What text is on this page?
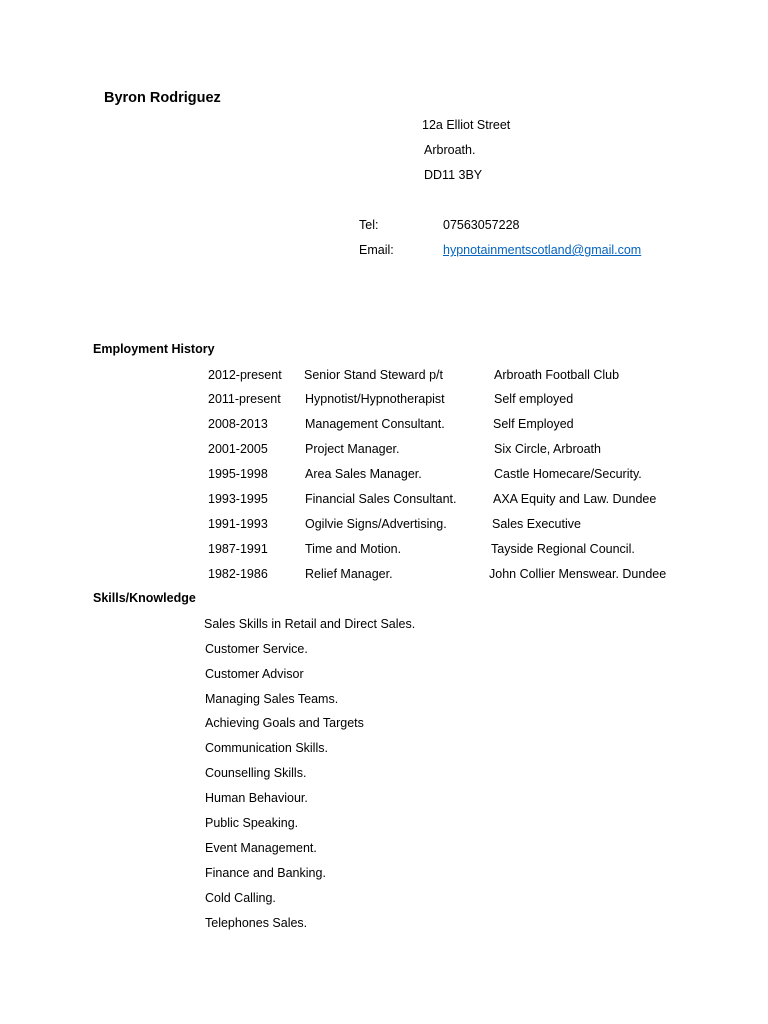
Byron Rodriguez
12a Elliot Street
Arbroath.
DD11 3BY
Tel:	07563057228
Email:	hypnotainmentscotland@gmail.com
Employment History
2012-present Senior Stand Steward p/t	Arbroath Football Club
2011-present Hypnotist/Hypnotherapist	Self employed
2008-2013	Management Consultant.	Self Employed
2001-2005	Project Manager.	Six Circle, Arbroath
1995-1998	Area Sales Manager.	Castle Homecare/Security.
1993-1995	Financial Sales Consultant.	AXA Equity and Law. Dundee
1991-1993	Ogilvie Signs/Advertising.	Sales Executive
1987-1991	Time and Motion.	Tayside Regional Council.
1982-1986	Relief Manager.	John Collier Menswear. Dundee
Skills/Knowledge
Sales Skills in Retail and Direct Sales.
Customer Service.
Customer Advisor
Managing Sales Teams.
Achieving Goals and Targets
Communication Skills.
Counselling Skills.
Human Behaviour.
Public Speaking.
Event Management.
Finance and Banking.
Cold Calling.
Telephones Sales.
